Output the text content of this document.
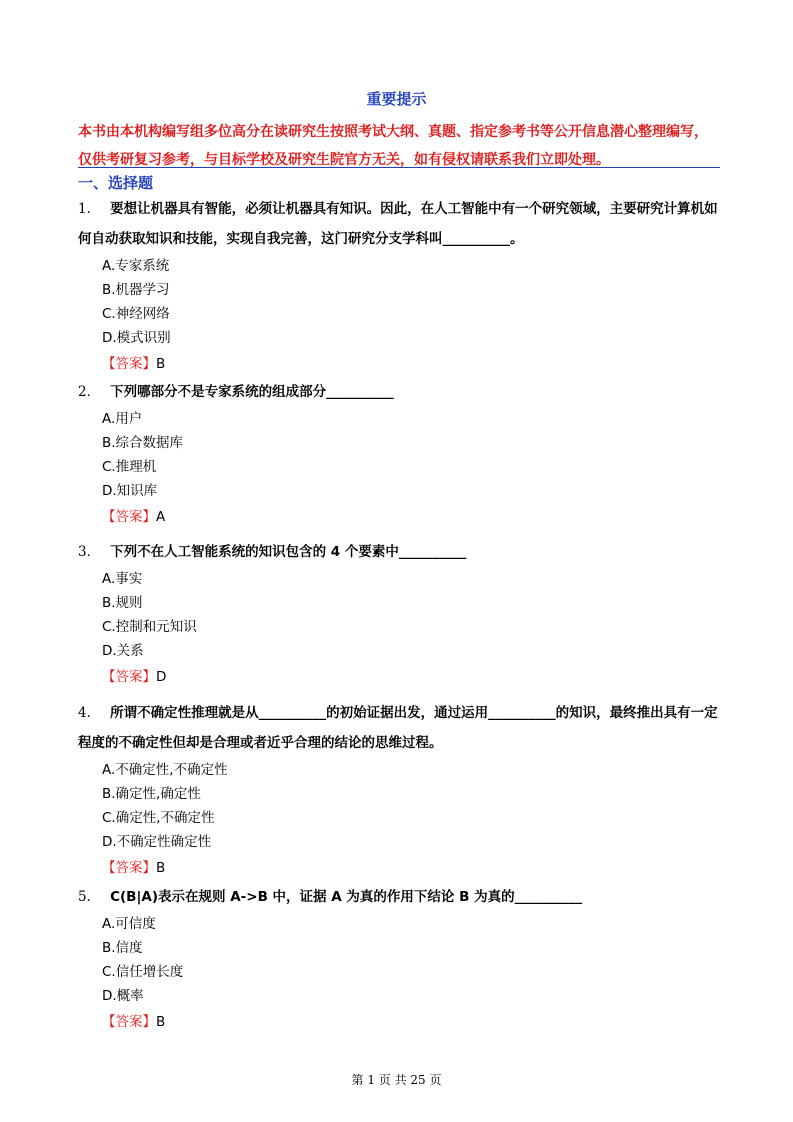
重要提示
本书由本机构编写组多位高分在读研究生按照考试大纲、真题、指定参考书等公开信息潜心整理编写，仅供考研复习参考，与目标学校及研究生院官方无关，如有侵权请联系我们立即处理。
一、选择题
1． 要想让机器具有智能，必须让机器具有知识。因此，在人工智能中有一个研究领域，主要研究计算机如何自动获取知识和技能，实现自我完善，这门研究分支学科叫__________。
A.专家系统
B.机器学习
C.神经网络
D.模式识别
【答案】B
2． 下列哪部分不是专家系统的组成部分__________
A.用户
B.综合数据库
C.推理机
D.知识库
【答案】A
3． 下列不在人工智能系统的知识包含的 4 个要素中__________
A.事实
B.规则
C.控制和元知识
D.关系
【答案】D
4． 所谓不确定性推理就是从__________的初始证据出发，通过运用__________的知识，最终推出具有一定程度的不确定性但却是合理或者近乎合理的结论的思维过程。
A.不确定性,不确定性
B.确定性,确定性
C.确定性,不确定性
D.不确定性确定性
【答案】B
5． C(B|A)表示在规则 A->B 中，证据 A 为真的作用下结论 B 为真的__________
A.可信度
B.信度
C.信任增长度
D.概率
【答案】B
第 1 页 共 25 页
